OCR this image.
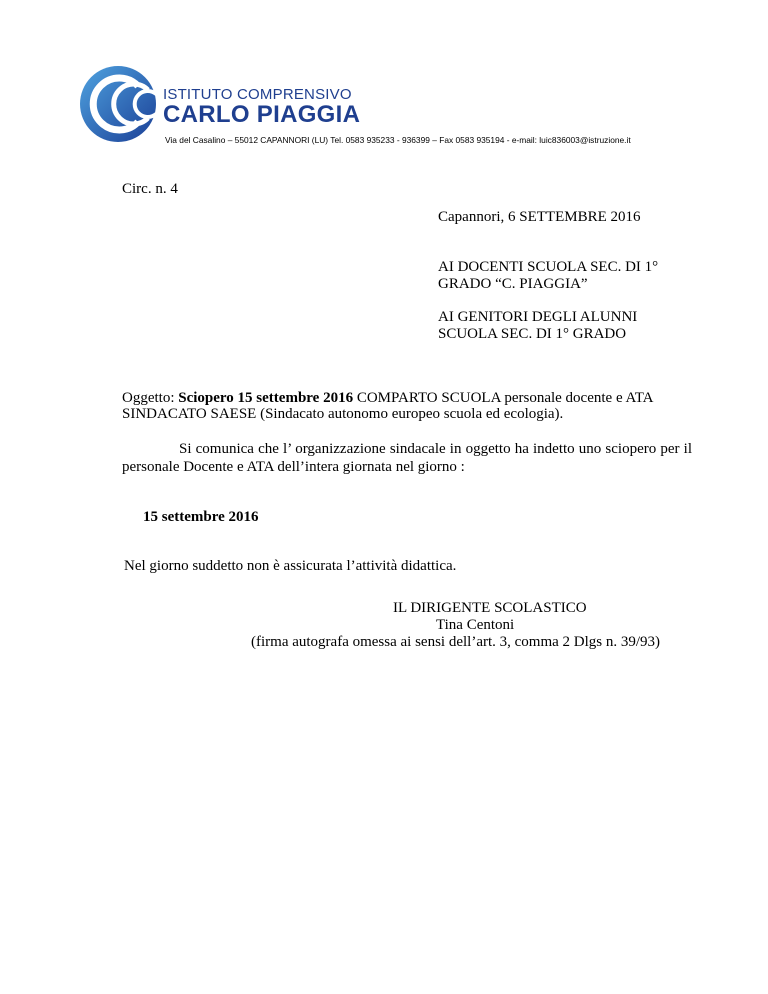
ISTITUTO COMPRENSIVO
CARLO PIAGGIA
Via del Casalino – 55012 CAPANNORI (LU) Tel. 0583 935233 - 936399 – Fax 0583 935194 - e-mail: luic836003@istruzione.it
Circ. n. 4
Capannori, 6 SETTEMBRE 2016
AI DOCENTI SCUOLA SEC. DI 1°
GRADO “C. PIAGGIA”
AI GENITORI DEGLI ALUNNI
SCUOLA SEC. DI 1° GRADO
Oggetto: Sciopero 15 settembre 2016 COMPARTO SCUOLA personale docente e ATA
SINDACATO SAESE (Sindacato autonomo europeo scuola ed ecologia).
Si comunica che l’ organizzazione sindacale in oggetto ha indetto uno sciopero per il personale Docente e ATA dell’intera giornata nel giorno :
15 settembre 2016
Nel giorno suddetto non è assicurata l’attività didattica.
IL DIRIGENTE SCOLASTICO
Tina Centoni
(firma autografa omessa ai sensi dell’art. 3, comma 2 Dlgs n. 39/93)
